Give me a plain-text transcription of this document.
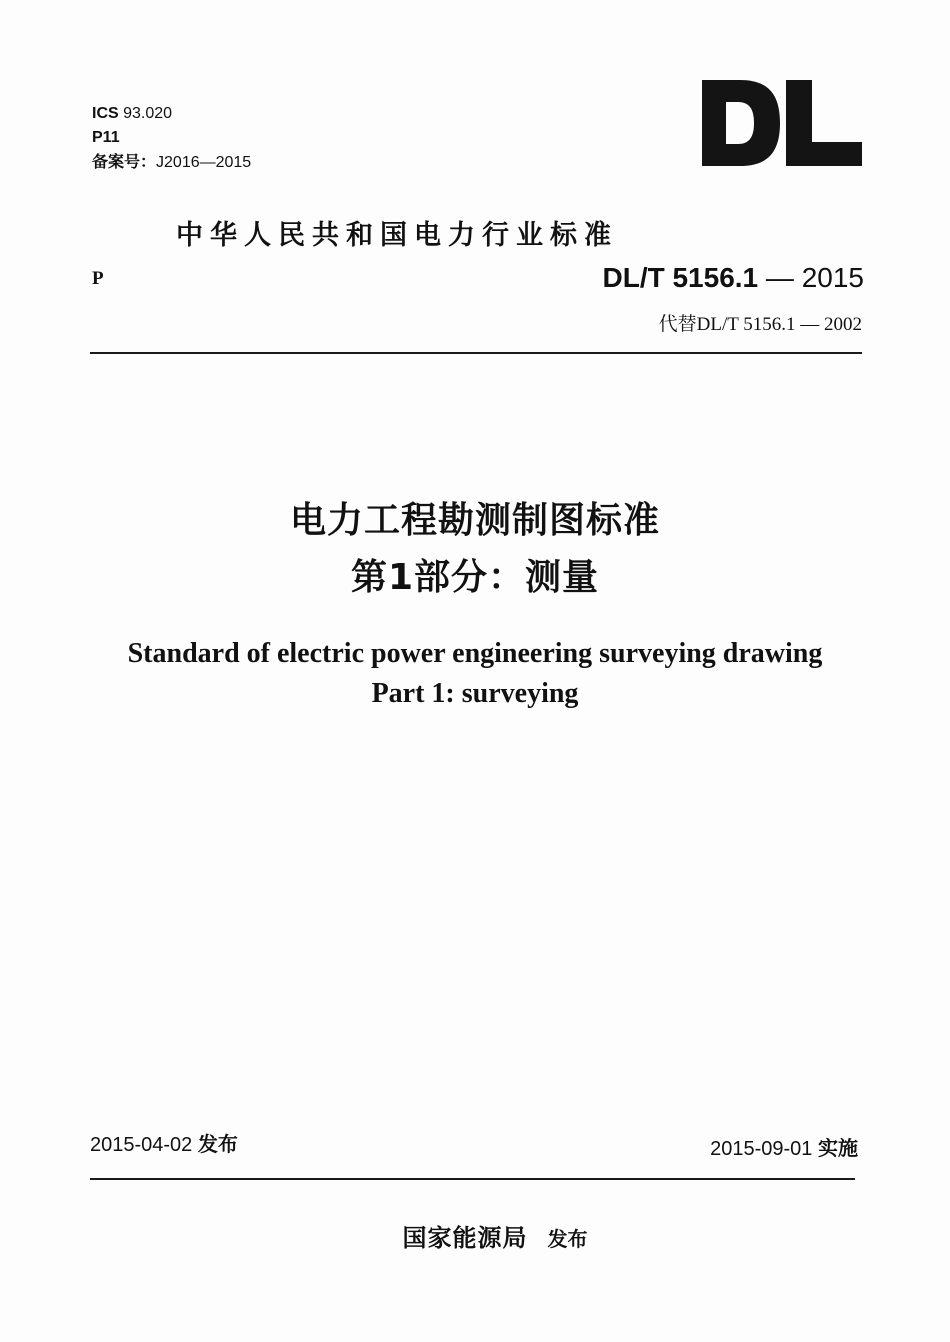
ICS 93.020
P11
备案号：J2016—2015
中华人民共和国电力行业标准
P	DL/T 5156.1 — 2015
代替DL/T 5156.1 — 2002
电力工程勘测制图标准
第1部分：测量
Standard of electric power engineering surveying drawing
Part 1: surveying
2015-04-02 发布	2015-09-01 实施
国家能源局 发布
